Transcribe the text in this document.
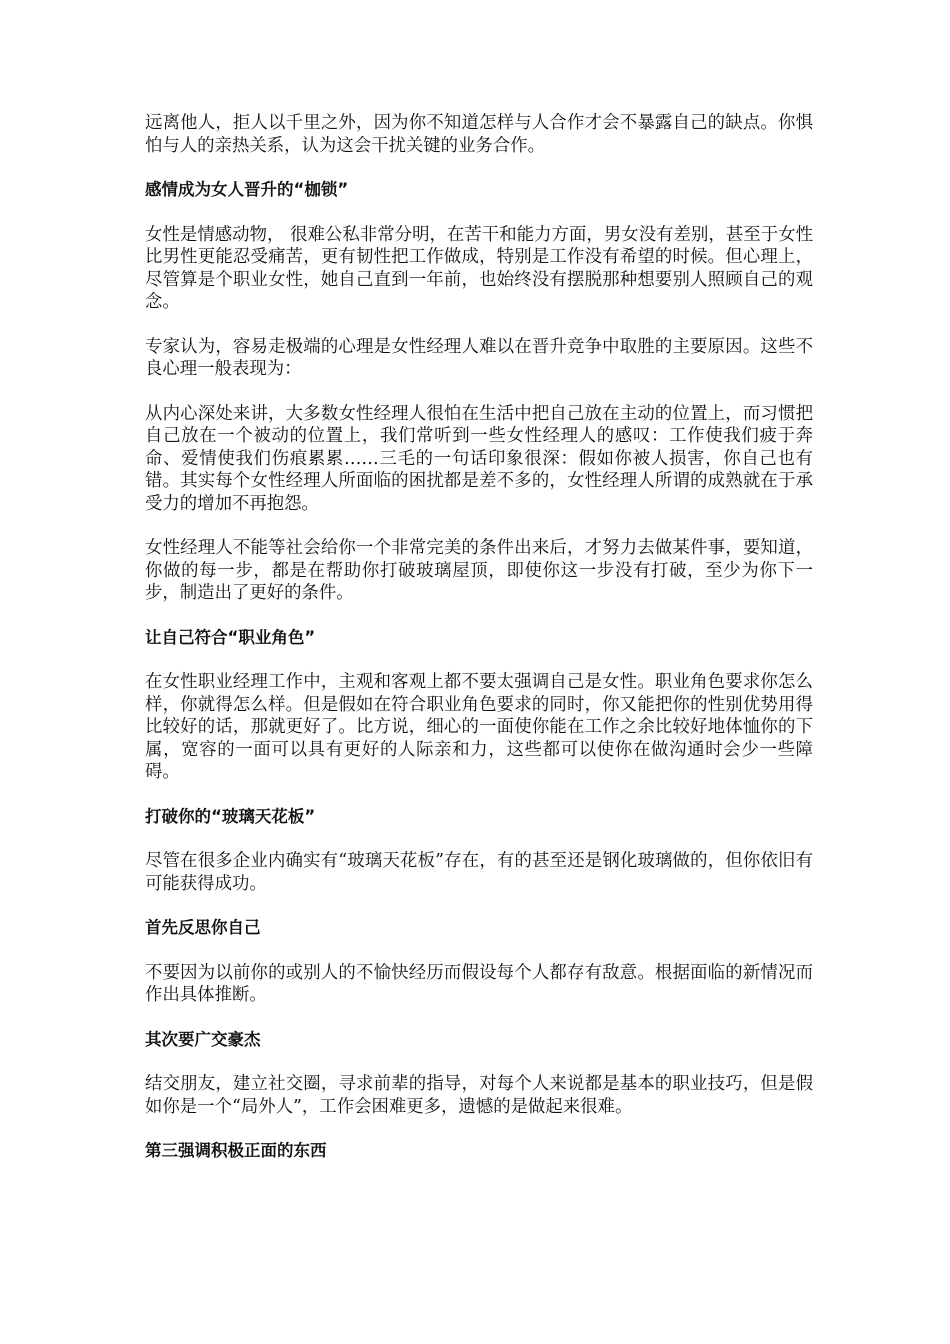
远离他人，拒人以千里之外，因为你不知道怎样与人合作才会不暴露自己的缺点。你惧怕与人的亲热关系，认为这会干扰关键的业务合作。

感情成为女人晋升的“枷锁”

女性是情感动物， 很难公私非常分明，在苦干和能力方面，男女没有差别，甚至于女性比男性更能忍受痛苦，更有韧性把工作做成，特别是工作没有希望的时候。但心理上，尽管算是个职业女性，她自己直到一年前，也始终没有摆脱那种想要别人照顾自己的观念。

专家认为，容易走极端的心理是女性经理人难以在晋升竞争中取胜的主要原因。这些不良心理一般表现为：

从内心深处来讲，大多数女性经理人很怕在生活中把自己放在主动的位置上，而习惯把自己放在一个被动的位置上，我们常听到一些女性经理人的感叹：工作使我们疲于奔命、爱情使我们伤痕累累……三毛的一句话印象很深：假如你被人损害，你自己也有错。其实每个女性经理人所面临的困扰都是差不多的，女性经理人所谓的成熟就在于承受力的增加不再抱怨。

女性经理人不能等社会给你一个非常完美的条件出来后，才努力去做某件事，要知道，你做的每一步，都是在帮助你打破玻璃屋顶，即使你这一步没有打破，至少为你下一步，制造出了更好的条件。

让自己符合“职业角色”

在女性职业经理工作中，主观和客观上都不要太强调自己是女性。职业角色要求你怎么样，你就得怎么样。但是假如在符合职业角色要求的同时，你又能把你的性别优势用得比较好的话，那就更好了。比方说，细心的一面使你能在工作之余比较好地体恤你的下属，宽容的一面可以具有更好的人际亲和力，这些都可以使你在做沟通时会少一些障碍。

打破你的“玻璃天花板”

尽管在很多企业内确实有“玻璃天花板”存在，有的甚至还是钢化玻璃做的，但你依旧有可能获得成功。

首先反思你自己

不要因为以前你的或别人的不愉快经历而假设每个人都存有敌意。根据面临的新情况而作出具体推断。

其次要广交豪杰

结交朋友，建立社交圈，寻求前辈的指导，对每个人来说都是基本的职业技巧，但是假如你是一个“局外人”，工作会困难更多，遗憾的是做起来很难。

第三强调积极正面的东西
